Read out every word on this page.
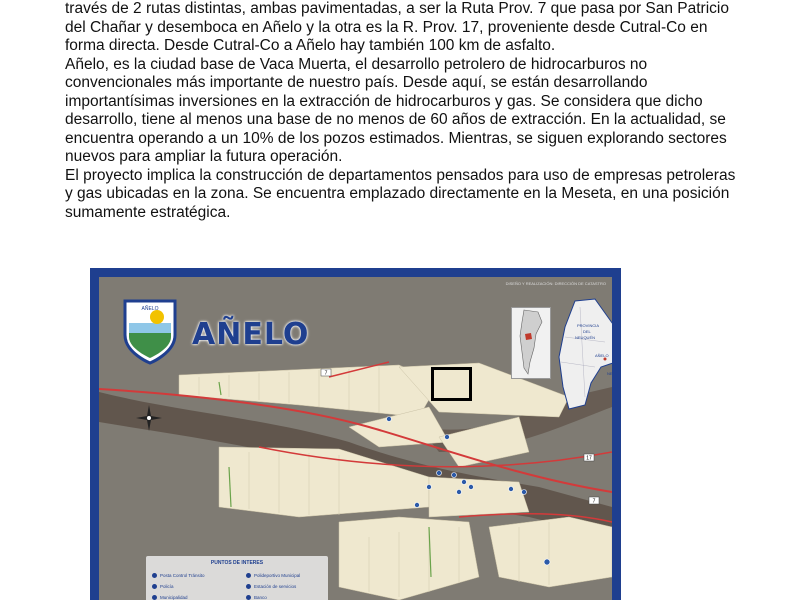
través de 2 rutas distintas, ambas pavimentadas, a ser la Ruta Prov. 7 que pasa por San Patricio del Chañar y desemboca en Añelo y la otra es la R. Prov. 17, proveniente desde Cutral-Co en forma directa. Desde Cutral-Co a Añelo hay también 100 km de asfalto.

Añelo, es la ciudad base de Vaca Muerta, el desarrollo petrolero de hidrocarburos no convencionales más importante de nuestro país. Desde aquí, se están desarrollando importantísimas inversiones en la extracción de hidrocarburos y gas. Se considera que dicho desarrollo, tiene al menos una base de no menos de 60 años de extracción. En la actualidad, se encuentra operando a un 10% de los pozos estimados. Mientras, se siguen explorando sectores nuevos para ampliar la futura operación.

El proyecto implica la construcción de departamentos pensados para uso de empresas petroleras y gas ubicadas en la zona. Se encuentra emplazado directamente en la Meseta, en una posición sumamente estratégica.

7
17
7
AÑELO
AÑELO
DISEÑO Y REALIZACIÓN: DIRECCIÓN DE CATASTRO
PROVINCIA
DEL
NEUQUÉN
AÑELO
NEUQUÉN
PUNTOS DE INTERES
Posta Control Tránsito
Policía
Municipalidad
Polideportivo Municipal
Estación de servicios
Banco
